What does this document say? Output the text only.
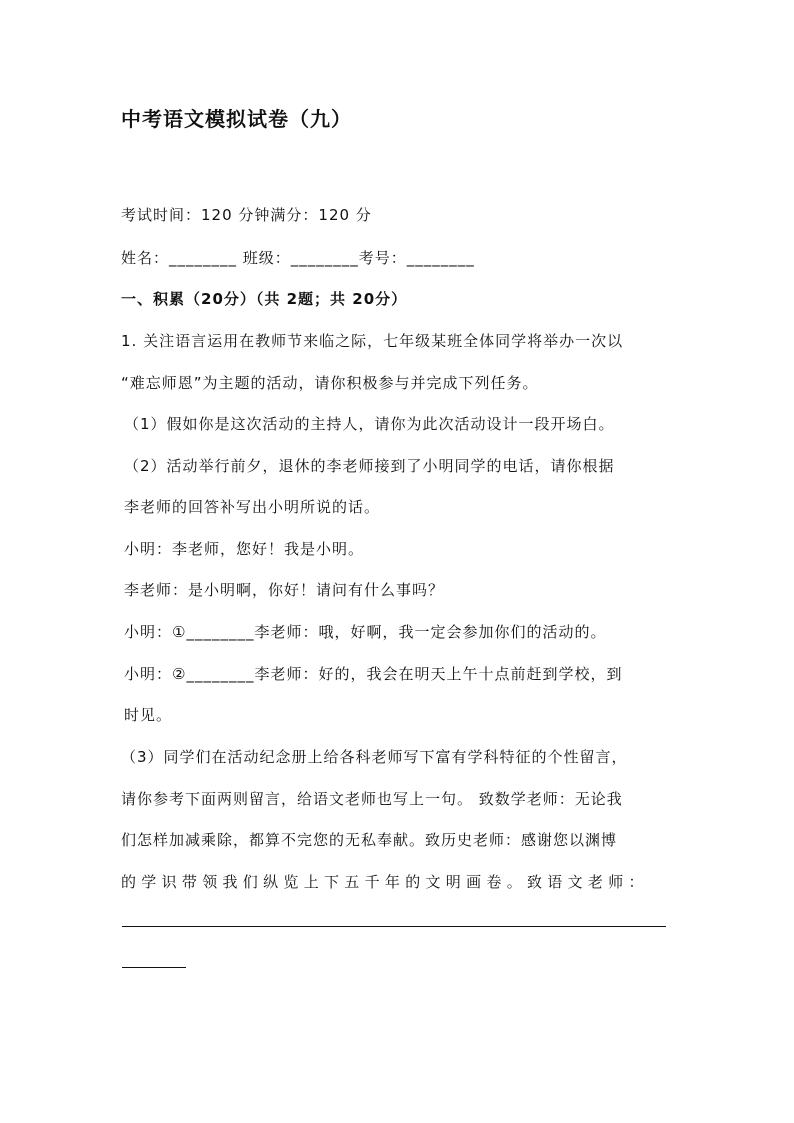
中考语文模拟试卷（九）
考试时间：120 分钟满分：120 分
姓名：________ 班级：________考号：________
一、积累（20分）（共 2题；共 20分）
1. 关注语言运用在教师节来临之际，七年级某班全体同学将举办一次以
“难忘师恩”为主题的活动，请你积极参与并完成下列任务。
（1）假如你是这次活动的主持人，请你为此次活动设计一段开场白。
（2）活动举行前夕，退休的李老师接到了小明同学的电话，请你根据
李老师的回答补写出小明所说的话。
小明：李老师，您好！我是小明。
李老师：是小明啊，你好！请问有什么事吗？
小明：①________李老师：哦，好啊，我一定会参加你们的活动的。
小明：②________李老师：好的，我会在明天上午十点前赶到学校，到
时见。
（3）同学们在活动纪念册上给各科老师写下富有学科特征的个性留言，
请你参考下面两则留言，给语文老师也写上一句。 致数学老师：无论我
们怎样加减乘除，都算不完您的无私奉献。致历史老师：感谢您以渊博
的学识带领我们纵览上下五千年的文明画卷。致语文老师：
